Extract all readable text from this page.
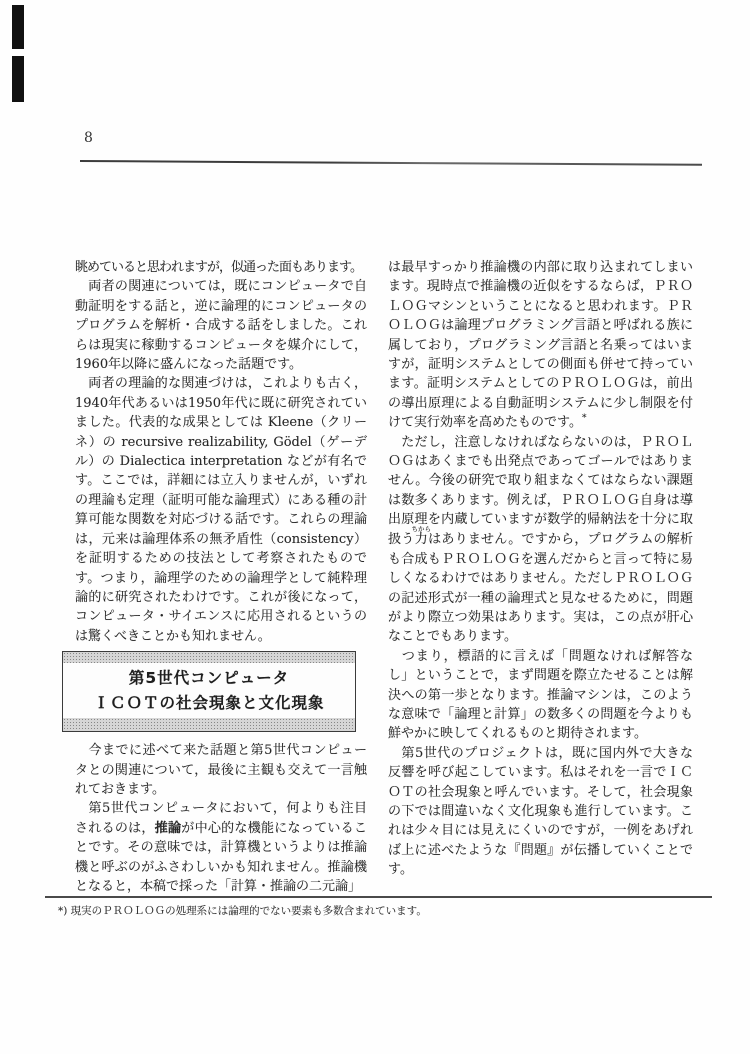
8

眺めていると思われますが，似通った面もあります。

　両者の関連については，既にコンピュータで自動証明をする話と，逆に論理的にコンピュータのプログラムを解析・合成する話をしました。これらは現実に稼動するコンピュータを媒介にして，1960年以降に盛んになった話題です。

　両者の理論的な関連づけは，これよりも古く，1940年代あるいは1950年代に既に研究されていました。代表的な成果としては Kleene（クリーネ）の recursive realizability, Gödel（ゲーデル）の Dialectica interpretation などが有名です。ここでは，詳細には立入りませんが，いずれの理論も定理（証明可能な論理式）にある種の計算可能な関数を対応づける話です。これらの理論は，元来は論理体系の無矛盾性（consistency）を証明するための技法として考察されたものです。つまり，論理学のための論理学として純粋理論的に研究されたわけです。これが後になって，コンピュータ・サイエンスに応用されるというのは驚くべきことかも知れません。

第5世代コンピュータ
ＩＣＯＴの社会現象と文化現象

　今までに述べて来た話題と第5世代コンピュータとの関連について，最後に主観も交えて一言触れておきます。

　第5世代コンピュータにおいて，何よりも注目されるのは，推論が中心的な機能になっていることです。その意味では，計算機というよりは推論機と呼ぶのがふさわしいかも知れません。推論機となると，本稿で採った「計算・推論の二元論」

は最早すっかり推論機の内部に取り込まれてしまいます。現時点で推論機の近似をするならば，ＰＲＯＬＯＧマシンということになると思われます。ＰＲＯＬＯＧは論理プログラミング言語と呼ばれる族に属しており，プログラミング言語と名乗ってはいますが，証明システムとしての側面も併せて持っています。証明システムとしてのＰＲＯＬＯＧは，前出の導出原理による自動証明システムに少し制限を付けて実行効率を高めたものです。*

　ただし，注意しなければならないのは，ＰＲＯＬＯＧはあくまでも出発点であってゴールではありません。今後の研究で取り組まなくてはならない課題は数多くあります。例えば，ＰＲＯＬＯＧ自身は導出原理を内蔵していますが数学的帰納法を十分に取扱う力ちからはありません。ですから，プログラムの解析も合成もＰＲＯＬＯＧを選んだからと言って特に易しくなるわけではありません。ただしＰＲＯＬＯＧの記述形式が一種の論理式と見なせるために，問題がより際立つ効果はあります。実は，この点が肝心なことでもあります。

　つまり，標語的に言えば「問題なければ解答なし」ということで，まず問題を際立たせることは解決への第一歩となります。推論マシンは，このような意味で「論理と計算」の数多くの問題を今よりも鮮やかに映してくれるものと期待されます。

　第5世代のプロジェクトは，既に国内外で大きな反響を呼び起こしています。私はそれを一言でＩＣＯＴの社会現象と呼んでいます。そして，社会現象の下では間違いなく文化現象も進行しています。これは少々目には見えにくいのですが，一例をあげれば上に述べたような『問題』が伝播していくことです。

*) 現実のＰＲＯＬＯＧの処理系には論理的でない要素も多数含まれています。
